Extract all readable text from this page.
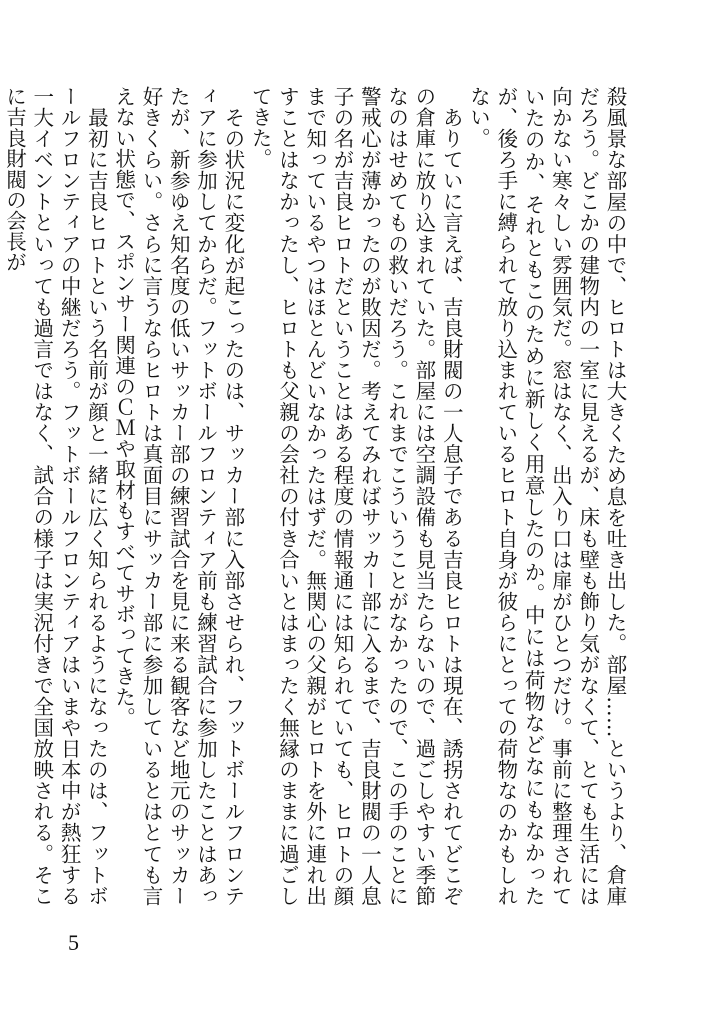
殺風景な部屋の中で、ヒロトは大きくため息を吐き出した。部屋……というより、倉庫だろう。どこかの建物内の一室に見えるが、床も壁も飾り気がなくて、とても生活には向かない寒々しい雰囲気だ。窓はなく、出入り口は扉がひとつだけ。事前に整理されていたのか、それともこのために新しく用意したのか。中には荷物などなにもなかったが、後ろ手に縛られて放り込まれているヒロト自身が彼らにとっての荷物なのかもしれない。

　ありていに言えば、吉良財閥の一人息子である吉良ヒロトは現在、誘拐されてどこぞの倉庫に放り込まれていた。部屋には空調設備も見当たらないので、過ごしやすい季節なのはせめてもの救いだろう。これまでこういうことがなかったので、この手のことに警戒心が薄かったのが敗因だ。考えてみればサッカー部に入るまで、吉良財閥の一人息子の名が吉良ヒロトだということはある程度の情報通には知られていても、ヒロトの顔まで知っているやつはほとんどいなかったはずだ。無関心の父親がヒロトを外に連れ出すことはなかったし、ヒロトも父親の会社の付き合いとはまったく無縁のままに過ごしてきた。

　その状況に変化が起こったのは、サッカー部に入部させられ、フットボールフロンティアに参加してからだ。フットボールフロンティア前も練習試合に参加したことはあったが、新参ゆえ知名度の低いサッカー部の練習試合を見に来る観客など地元のサッカー好きくらい。さらに言うならヒロトは真面目にサッカー部に参加しているとはとても言えない状態で、スポンサー関連のＣＭや取材もすべてサボってきた。

　最初に吉良ヒロトという名前が顔と一緒に広く知られるようになったのは、フットボールフロンティアの中継だろう。フットボールフロンティアはいまや日本中が熱狂する一大イベントといっても過言ではなく、試合の様子は実況付きで全国放映される。そこに吉良財閥の会長が

5
